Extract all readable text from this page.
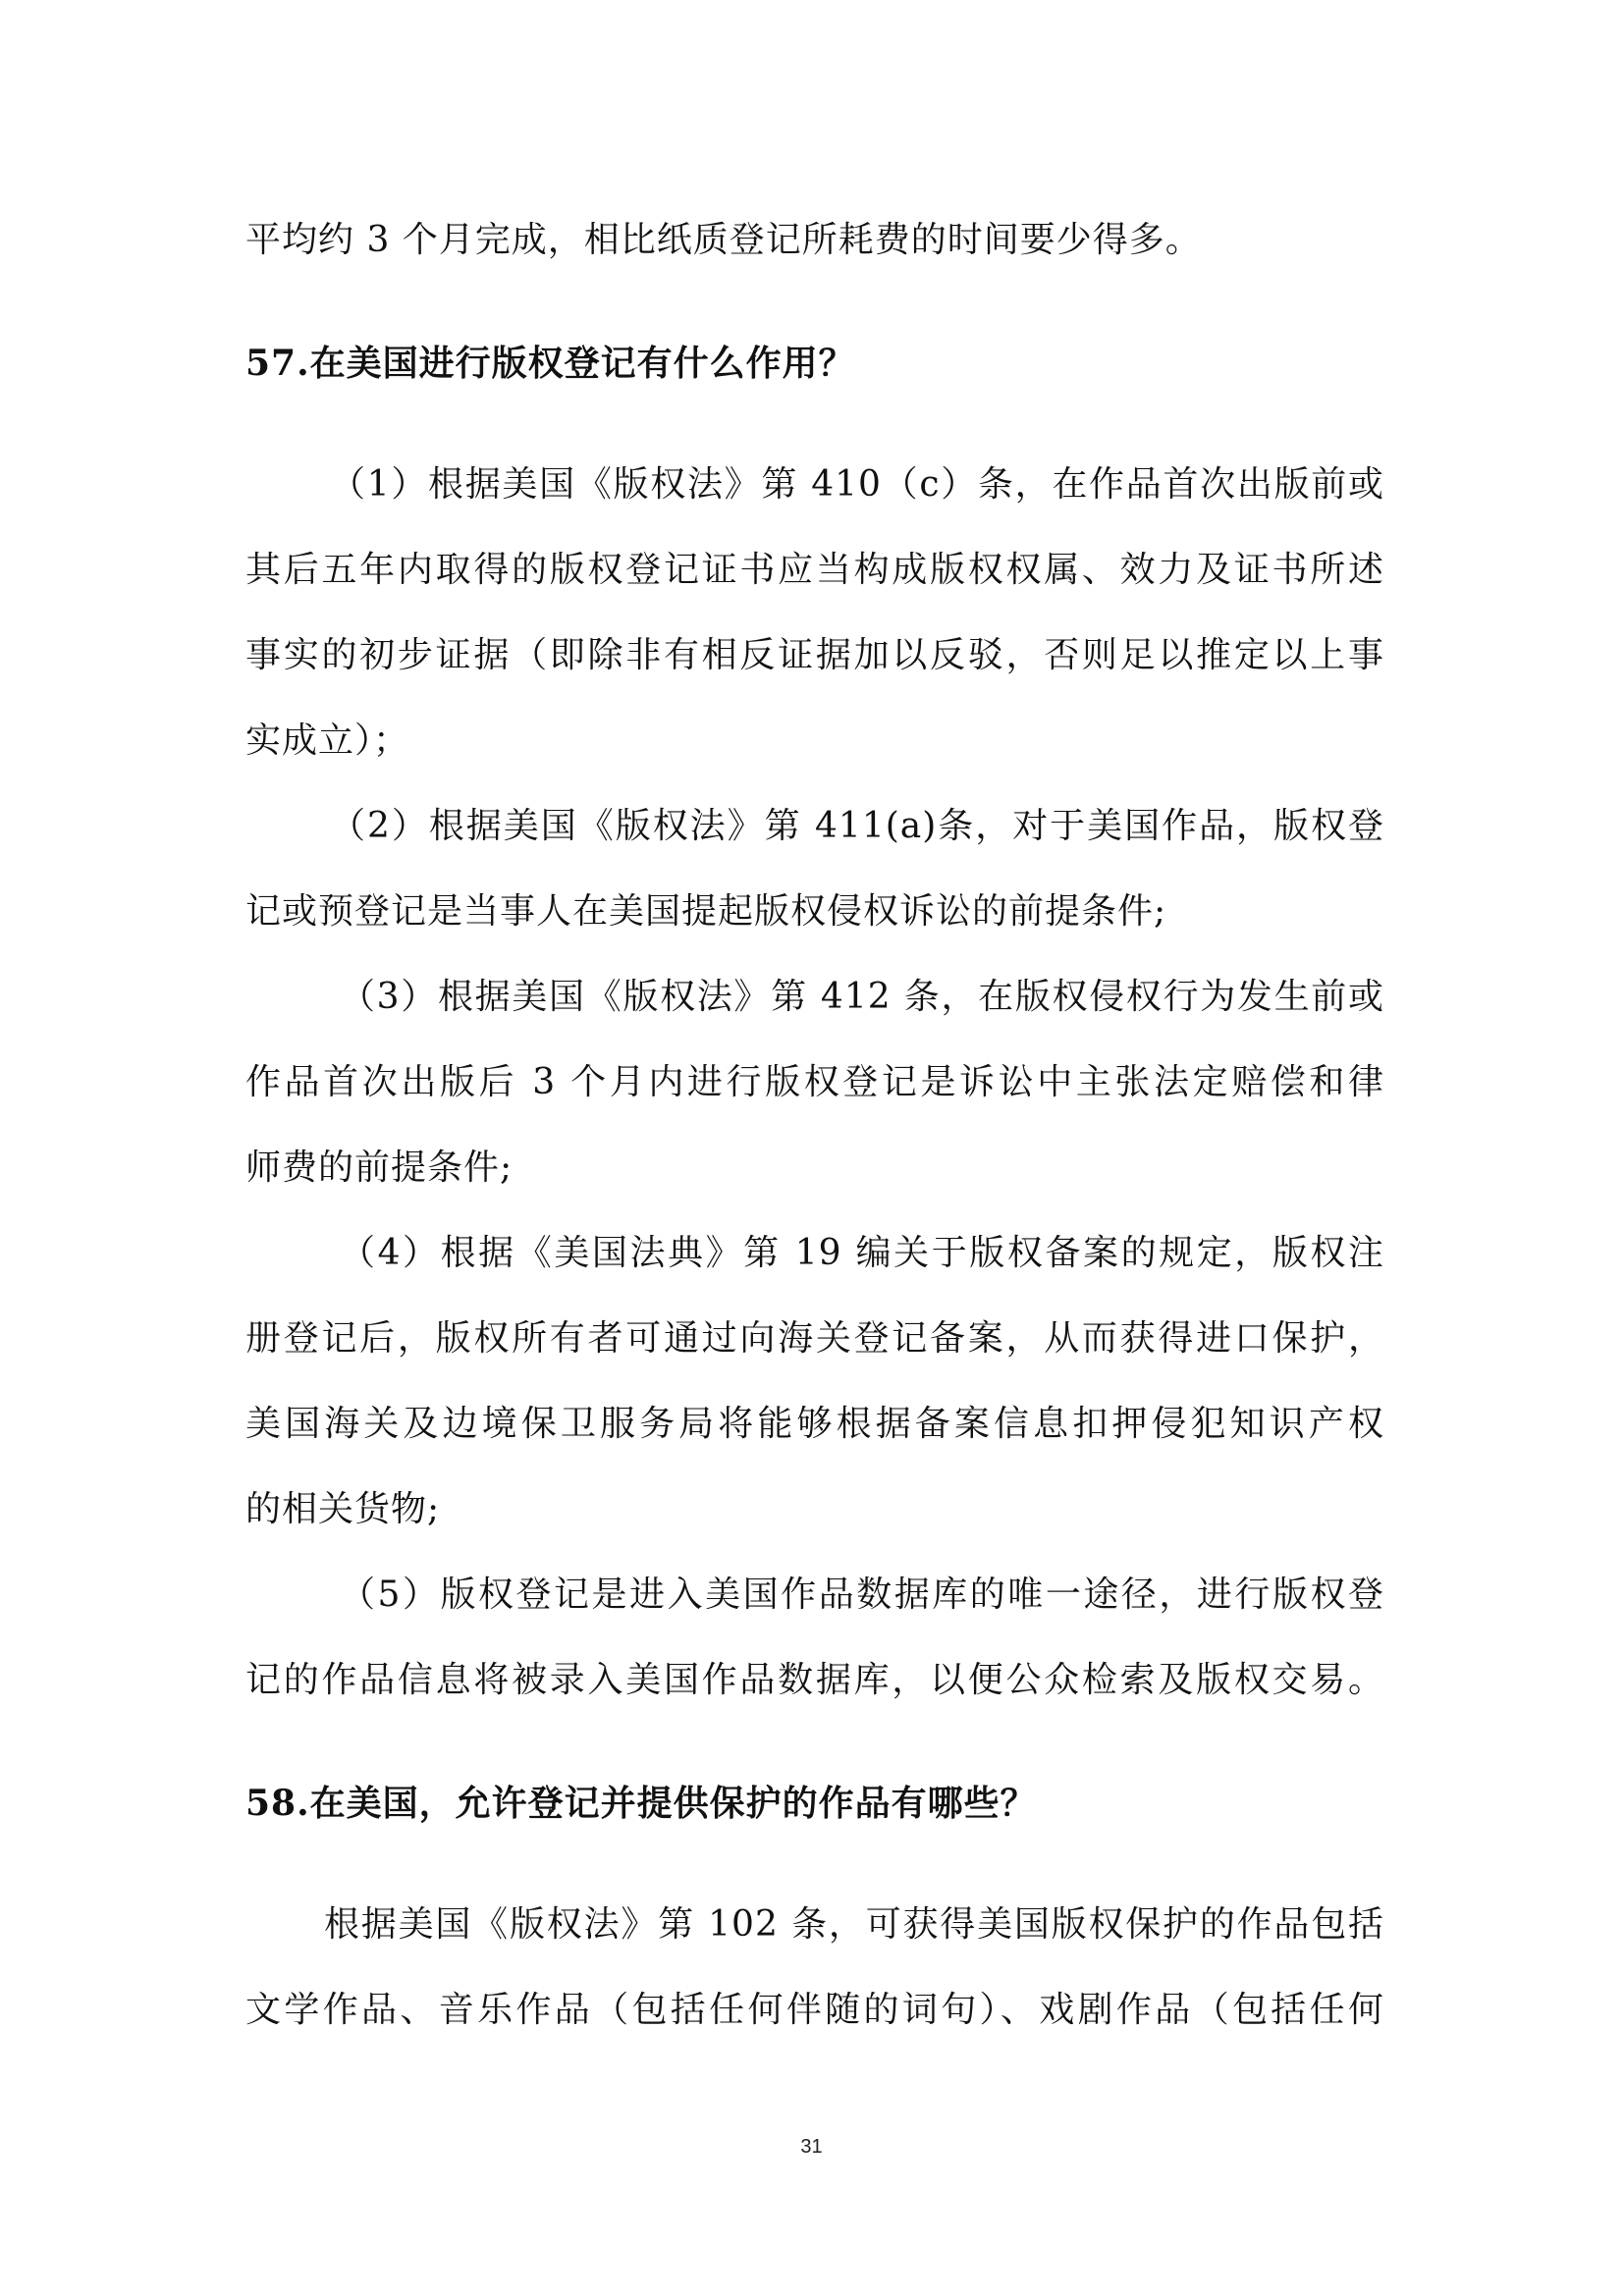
平均约 3 个月完成，相比纸质登记所耗费的时间要少得多。

57.在美国进行版权登记有什么作用？

（1）根据美国《版权法》第 410（c）条，在作品首次出版前或

其后五年内取得的版权登记证书应当构成版权权属、效力及证书所述

事实的初步证据（即除非有相反证据加以反驳，否则足以推定以上事

实成立）；

（2）根据美国《版权法》第 411(a)条，对于美国作品，版权登

记或预登记是当事人在美国提起版权侵权诉讼的前提条件;

（3）根据美国《版权法》第 412 条，在版权侵权行为发生前或

作品首次出版后 3 个月内进行版权登记是诉讼中主张法定赔偿和律

师费的前提条件;

（4）根据《美国法典》第 19 编关于版权备案的规定，版权注

册登记后，版权所有者可通过向海关登记备案，从而获得进口保护，

美国海关及边境保卫服务局将能够根据备案信息扣押侵犯知识产权

的相关货物;

（5）版权登记是进入美国作品数据库的唯一途径，进行版权登

记的作品信息将被录入美国作品数据库，以便公众检索及版权交易。

58.在美国，允许登记并提供保护的作品有哪些？

根据美国《版权法》第 102 条，可获得美国版权保护的作品包括

文学作品、音乐作品（包括任何伴随的词句）、戏剧作品（包括任何

31
